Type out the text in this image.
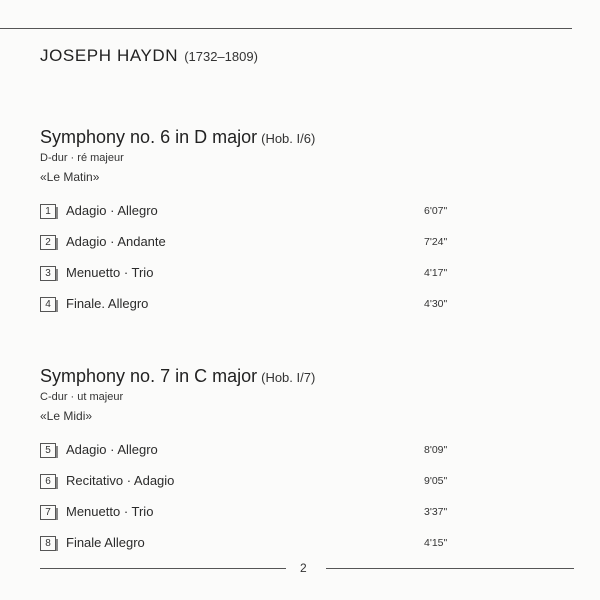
JOSEPH HAYDN (1732–1809)
Symphony no. 6 in D major (Hob. I/6)
D-dur · ré majeur
«Le Matin»
1	Adagio · Allegro	6'07"
2	Adagio · Andante	7'24"
3	Menuetto · Trio	4'17"
4	Finale. Allegro	4'30"
Symphony no. 7 in C major (Hob. I/7)
C-dur · ut majeur
«Le Midi»
5	Adagio · Allegro	8'09"
6	Recitativo · Adagio	9'05"
7	Menuetto · Trio	3'37"
8	Finale Allegro	4'15"
2
